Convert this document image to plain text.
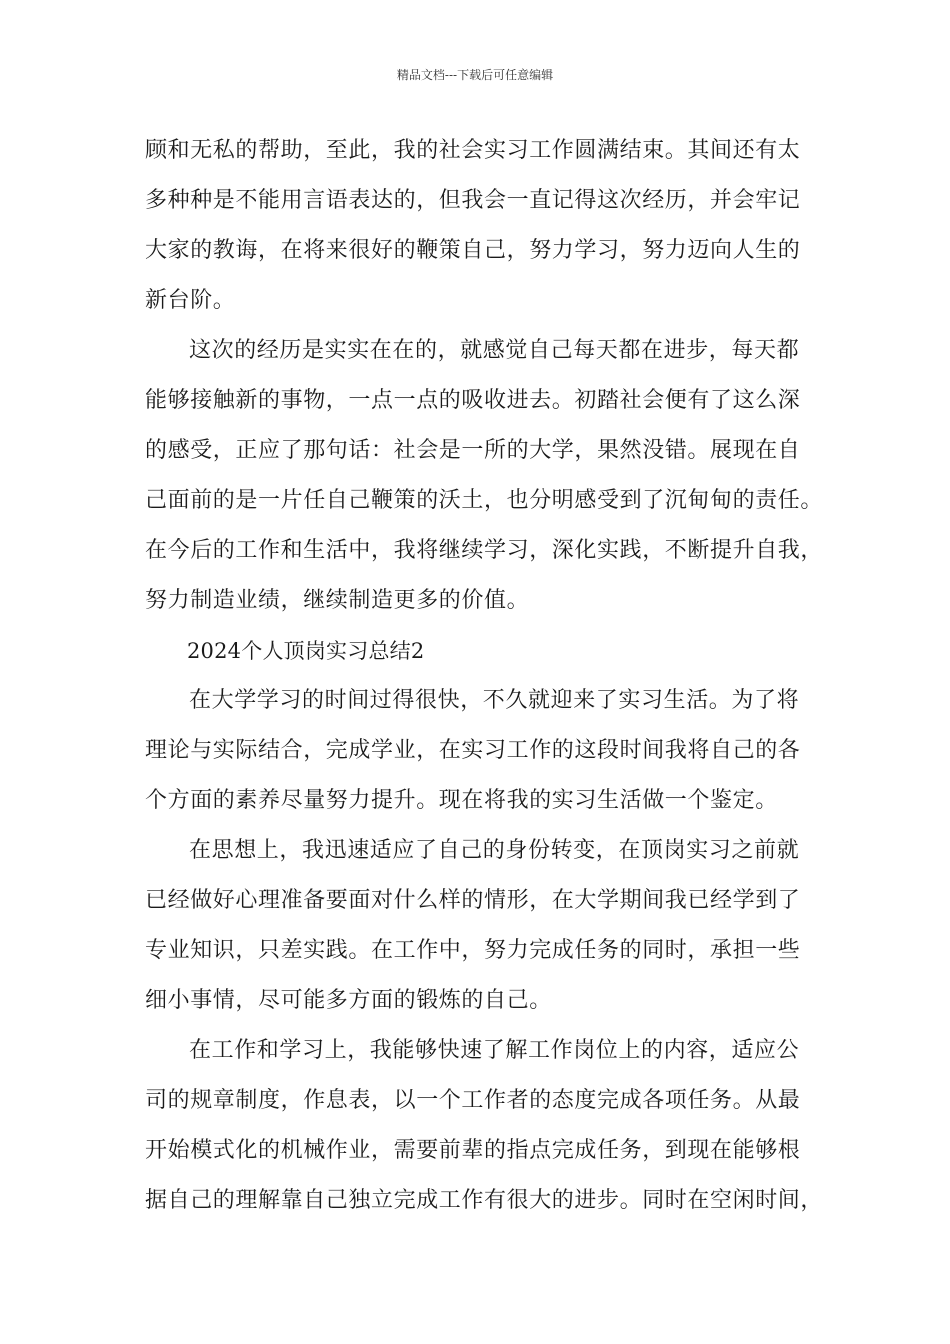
精品文档---下载后可任意编辑
顾和无私的帮助，至此，我的社会实习工作圆满结束。其间还有太
多种种是不能用言语表达的，但我会一直记得这次经历，并会牢记
大家的教诲，在将来很好的鞭策自己，努力学习，努力迈向人生的
新台阶。
这次的经历是实实在在的，就感觉自己每天都在进步，每天都
能够接触新的事物，一点一点的吸收进去。初踏社会便有了这么深
的感受，正应了那句话：社会是一所的大学，果然没错。展现在自
己面前的是一片任自己鞭策的沃土，也分明感受到了沉甸甸的责任。
在今后的工作和生活中，我将继续学习，深化实践，不断提升自我，
努力制造业绩，继续制造更多的价值。
2024个人顶岗实习总结2
在大学学习的时间过得很快，不久就迎来了实习生活。为了将
理论与实际结合，完成学业，在实习工作的这段时间我将自己的各
个方面的素养尽量努力提升。现在将我的实习生活做一个鉴定。
在思想上，我迅速适应了自己的身份转变，在顶岗实习之前就
已经做好心理准备要面对什么样的情形，在大学期间我已经学到了
专业知识，只差实践。在工作中，努力完成任务的同时，承担一些
细小事情，尽可能多方面的锻炼的自己。
在工作和学习上，我能够快速了解工作岗位上的内容，适应公
司的规章制度，作息表，以一个工作者的态度完成各项任务。从最
开始模式化的机械作业，需要前辈的指点完成任务，到现在能够根
据自己的理解靠自己独立完成工作有很大的进步。同时在空闲时间，
